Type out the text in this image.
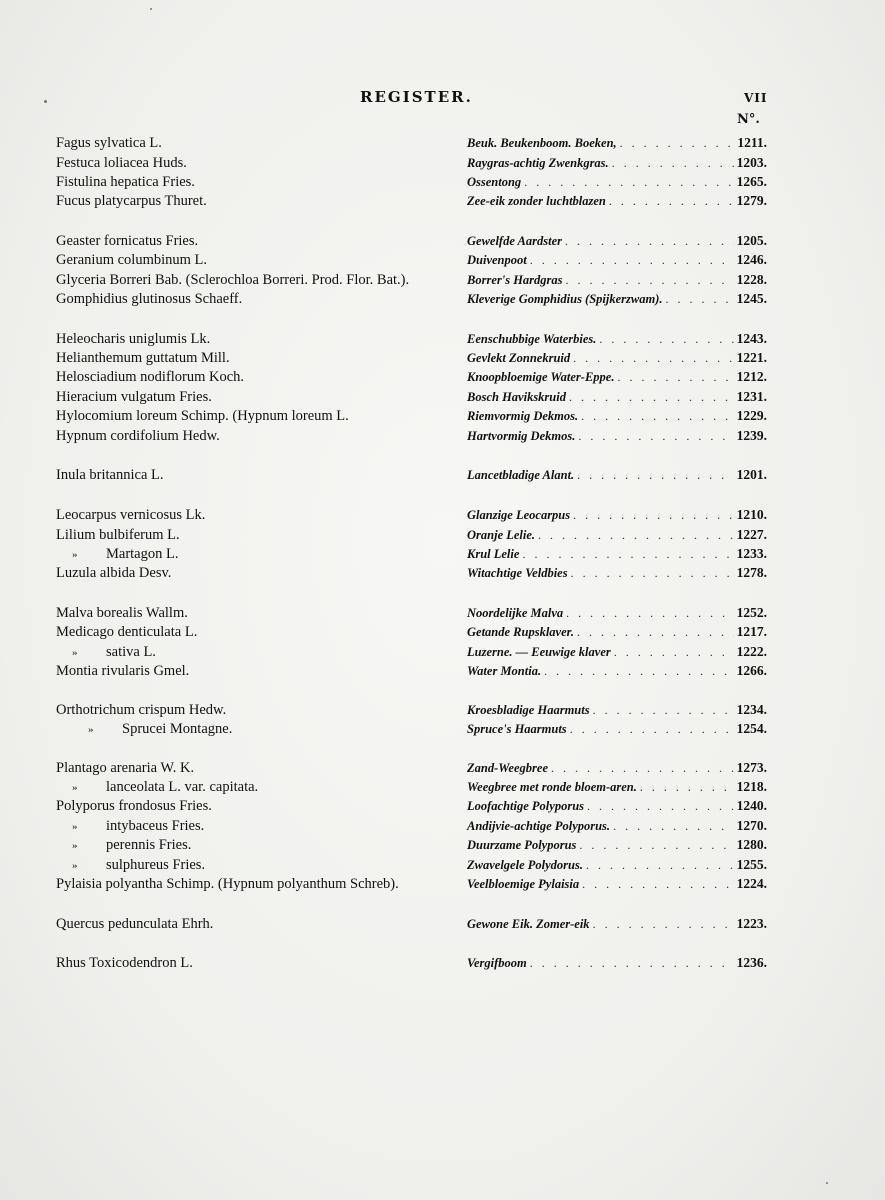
REGISTER.	VII
N°.
Fagus sylvatica L.	Beuk. Beukenboom. Boeken, . . .	1211.
Festuca loliacea Huds.	Raygras-achtig Zwenkgras. . . .	1203.
Fistulina hepatica Fries.	Ossentong . . .	1265.
Fucus platycarpus Thuret.	Zee-eik zonder luchtblazen . . .	1279.
Geaster fornicatus Fries.	Gewelfde Aardster . . .	1205.
Geranium columbinum L.	Duivenpoot . . .	1246.
Glyceria Borreri Bab. (Sclerochloa Borreri. Prod. Flor. Bat.).	Borrer's Hardgras . . .	1228.
Gomphidius glutinosus Schaeff.	Kleverige Gomphidius (Spijkerzwam). . . .	1245.
Heleocharis uniglumis Lk.	Eenschubbige Waterbies. . . .	1243.
Helianthemum guttatum Mill.	Gevlekt Zonnekruid . . .	1221.
Helosciadium nodiflorum Koch.	Knoopbloemige Water-Eppe. . . .	1212.
Hieracium vulgatum Fries.	Bosch Havikskruid . . .	1231.
Hylocomium loreum Schimp. (Hypnum loreum L.	Riemvormig Dekmos. . . .	1229.
Hypnum cordifolium Hedw.	Hartvormig Dekmos. . . .	1239.
Inula britannica L.	Lancetbladige Alant. . . .	1201.
Leocarpus vernicosus Lk.	Glanzige Leocarpus . . .	1210.
Lilium bulbiferum L.	Oranje Lelie. . . .	1227.
» Martagon L.	Krul Lelie . . .	1233.
Luzula albida Desv.	Witachtige Veldbies . . .	1278.
Malva borealis Wallm.	Noordelijke Malva . . .	1252.
Medicago denticulata L.	Getande Rupsklaver. . . .	1217.
» sativa L.	Luzerne. — Eeuwige klaver . . .	1222.
Montia rivularis Gmel.	Water Montia. . . .	1266.
Orthotrichum crispum Hedw.	Kroesbladige Haarmuts . . .	1234.
» Sprucei Montagne.	Spruce's Haarmuts . . .	1254.
Plantago arenaria W. K.	Zand-Weegbree . . .	1273.
» lanceolata L. var. capitata.	Weegbree met ronde bloem-aren. . . .	1218.
Polyporus frondosus Fries.	Loofachtige Polyporus . . .	1240.
» intybaceus Fries.	Andijvie-achtige Polyporus. . . .	1270.
» perennis Fries.	Duurzame Polyporus . . .	1280.
» sulphureus Fries.	Zwavelgele Polydorus. . . .	1255.
Pylaisia polyantha Schimp. (Hypnum polyanthum Schreb).	Veelbloemige Pylaisia . . .	1224.
Quercus pedunculata Ehrh.	Gewone Eik. Zomer-eik . . .	1223.
Rhus Toxicodendron L.	Vergifboom . . .	1236.
